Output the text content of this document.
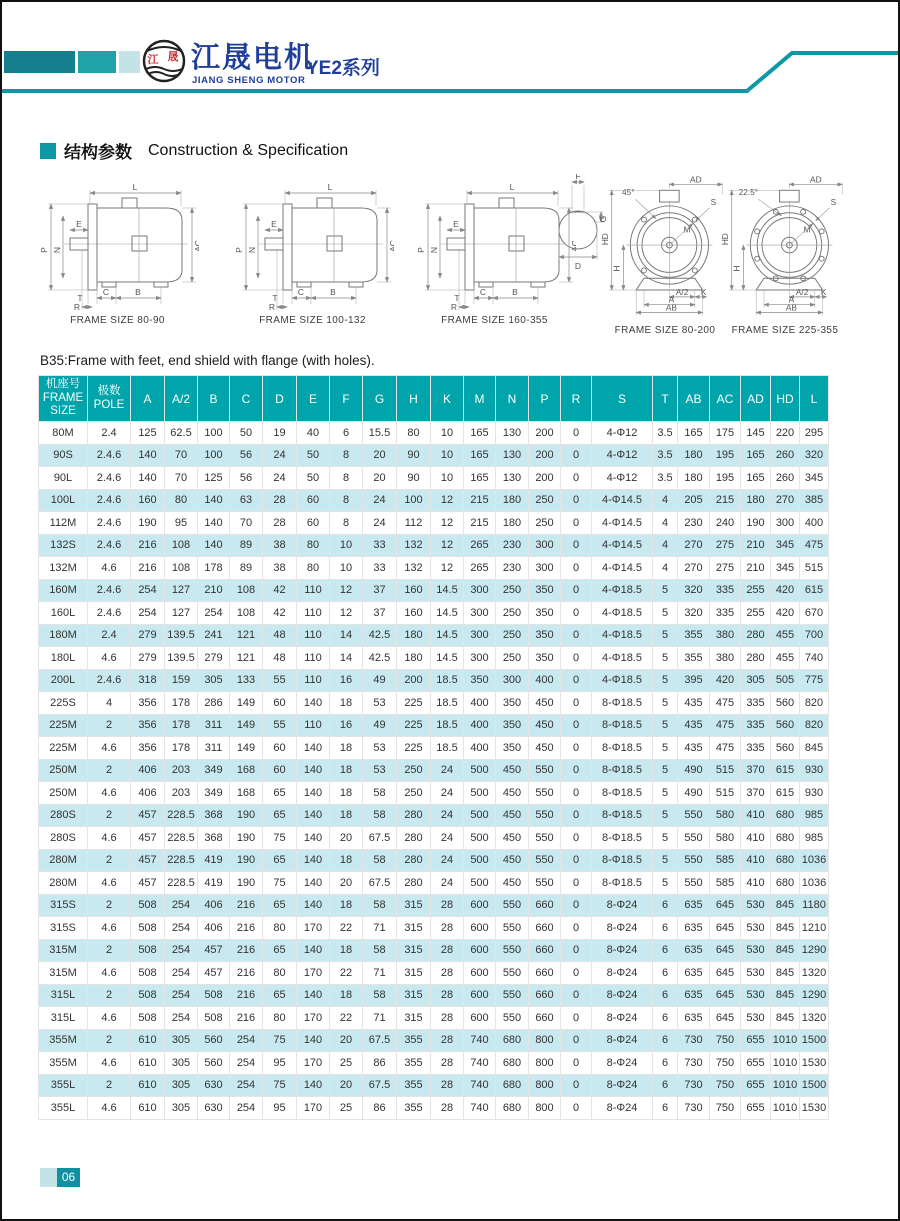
江 晟 江晟电机
JIANG SHENG MOTOR
YE2系列
结构参数 Construction & Specification
FRAME SIZE 80-90	FRAME SIZE 100-132	FRAME SIZE 160-355
F
G
D
AD
45°
S
M
HD
H
A/2 K
A
AB
FRAME SIZE 80-200
AD
22.5°
S
M
HD
H
A/2 K
A
AB
FRAME SIZE 225-355
B35:Frame with feet, end shield with flange (with holes).
机座号
FRAME
SIZE	极数
POLE	A	A/2	B	C	D	E	F	G	H	K	M	N	P	R	S	T	AB	AC	AD	HD	L
80M	2.4	125	62.5	100	50	19	40	6	15.5	80	10	165	130	200	0	4-Φ12	3.5	165	175	145	220	295
90S	2.4.6	140	70	100	56	24	50	8	20	90	10	165	130	200	0	4-Φ12	3.5	180	195	165	260	320
90L	2.4.6	140	70	125	56	24	50	8	20	90	10	165	130	200	0	4-Φ12	3.5	180	195	165	260	345
100L	2.4.6	160	80	140	63	28	60	8	24	100	12	215	180	250	0	4-Φ14.5	4	205	215	180	270	385
112M	2.4.6	190	95	140	70	28	60	8	24	112	12	215	180	250	0	4-Φ14.5	4	230	240	190	300	400
132S	2.4.6	216	108	140	89	38	80	10	33	132	12	265	230	300	0	4-Φ14.5	4	270	275	210	345	475
132M	4.6	216	108	178	89	38	80	10	33	132	12	265	230	300	0	4-Φ14.5	4	270	275	210	345	515
160M	2.4.6	254	127	210	108	42	110	12	37	160	14.5	300	250	350	0	4-Φ18.5	5	320	335	255	420	615
160L	2.4.6	254	127	254	108	42	110	12	37	160	14.5	300	250	350	0	4-Φ18.5	5	320	335	255	420	670
180M	2.4	279	139.5	241	121	48	110	14	42.5	180	14.5	300	250	350	0	4-Φ18.5	5	355	380	280	455	700
180L	4.6	279	139.5	279	121	48	110	14	42.5	180	14.5	300	250	350	0	4-Φ18.5	5	355	380	280	455	740
200L	2.4.6	318	159	305	133	55	110	16	49	200	18.5	350	300	400	0	4-Φ18.5	5	395	420	305	505	775
225S	4	356	178	286	149	60	140	18	53	225	18.5	400	350	450	0	8-Φ18.5	5	435	475	335	560	820
225M	2	356	178	311	149	55	110	16	49	225	18.5	400	350	450	0	8-Φ18.5	5	435	475	335	560	820
225M	4.6	356	178	311	149	60	140	18	53	225	18.5	400	350	450	0	8-Φ18.5	5	435	475	335	560	845
250M	2	406	203	349	168	60	140	18	53	250	24	500	450	550	0	8-Φ18.5	5	490	515	370	615	930
250M	4.6	406	203	349	168	65	140	18	58	250	24	500	450	550	0	8-Φ18.5	5	490	515	370	615	930
280S	2	457	228.5	368	190	65	140	18	58	280	24	500	450	550	0	8-Φ18.5	5	550	580	410	680	985
280S	4.6	457	228.5	368	190	75	140	20	67.5	280	24	500	450	550	0	8-Φ18.5	5	550	580	410	680	985
280M	2	457	228.5	419	190	65	140	18	58	280	24	500	450	550	0	8-Φ18.5	5	550	585	410	680	1036
280M	4.6	457	228.5	419	190	75	140	20	67.5	280	24	500	450	550	0	8-Φ18.5	5	550	585	410	680	1036
315S	2	508	254	406	216	65	140	18	58	315	28	600	550	660	0	8-Φ24	6	635	645	530	845	1180
315S	4.6	508	254	406	216	80	170	22	71	315	28	600	550	660	0	8-Φ24	6	635	645	530	845	1210
315M	2	508	254	457	216	65	140	18	58	315	28	600	550	660	0	8-Φ24	6	635	645	530	845	1290
315M	4.6	508	254	457	216	80	170	22	71	315	28	600	550	660	0	8-Φ24	6	635	645	530	845	1320
315L	2	508	254	508	216	65	140	18	58	315	28	600	550	660	0	8-Φ24	6	635	645	530	845	1290
315L	4.6	508	254	508	216	80	170	22	71	315	28	600	550	660	0	8-Φ24	6	635	645	530	845	1320
355M	2	610	305	560	254	75	140	20	67.5	355	28	740	680	800	0	8-Φ24	6	730	750	655	1010	1500
355M	4.6	610	305	560	254	95	170	25	86	355	28	740	680	800	0	8-Φ24	6	730	750	655	1010	1530
355L	2	610	305	630	254	75	140	20	67.5	355	28	740	680	800	0	8-Φ24	6	730	750	655	1010	1500
355L	4.6	610	305	630	254	95	170	25	86	355	28	740	680	800	0	8-Φ24	6	730	750	655	1010	1530
06
